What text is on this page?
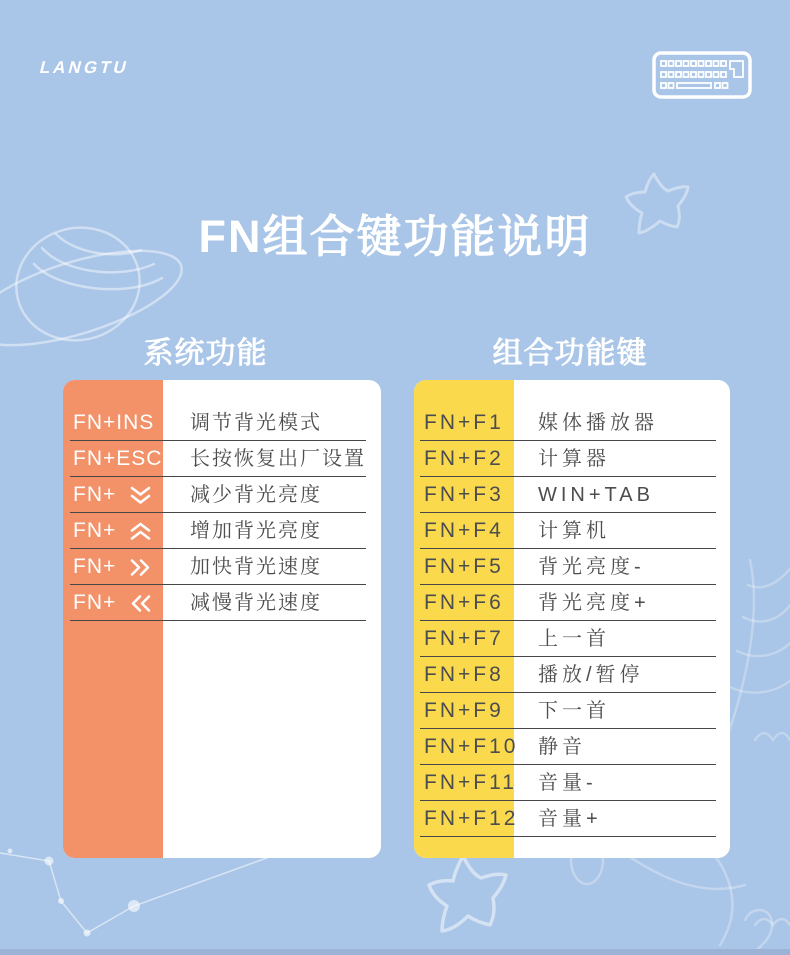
LANGTU
FN组合键功能说明
系统功能	组合功能键
FN+INS 调节背光模式
FN+ESC 长按恢复出厂设置
FN+	减少背光亮度
FN+	增加背光亮度
FN+	加快背光速度
FN+	减慢背光速度
FN+F1 媒体播放器
FN+F2 计算器
FN+F3 WIN+TAB
FN+F4 计算机
FN+F5 背光亮度-
FN+F6 背光亮度+
FN+F7 上一首
FN+F8 播放/暂停
FN+F9 下一首
FN+F10 静音
FN+F11 音量-
FN+F12 音量+
